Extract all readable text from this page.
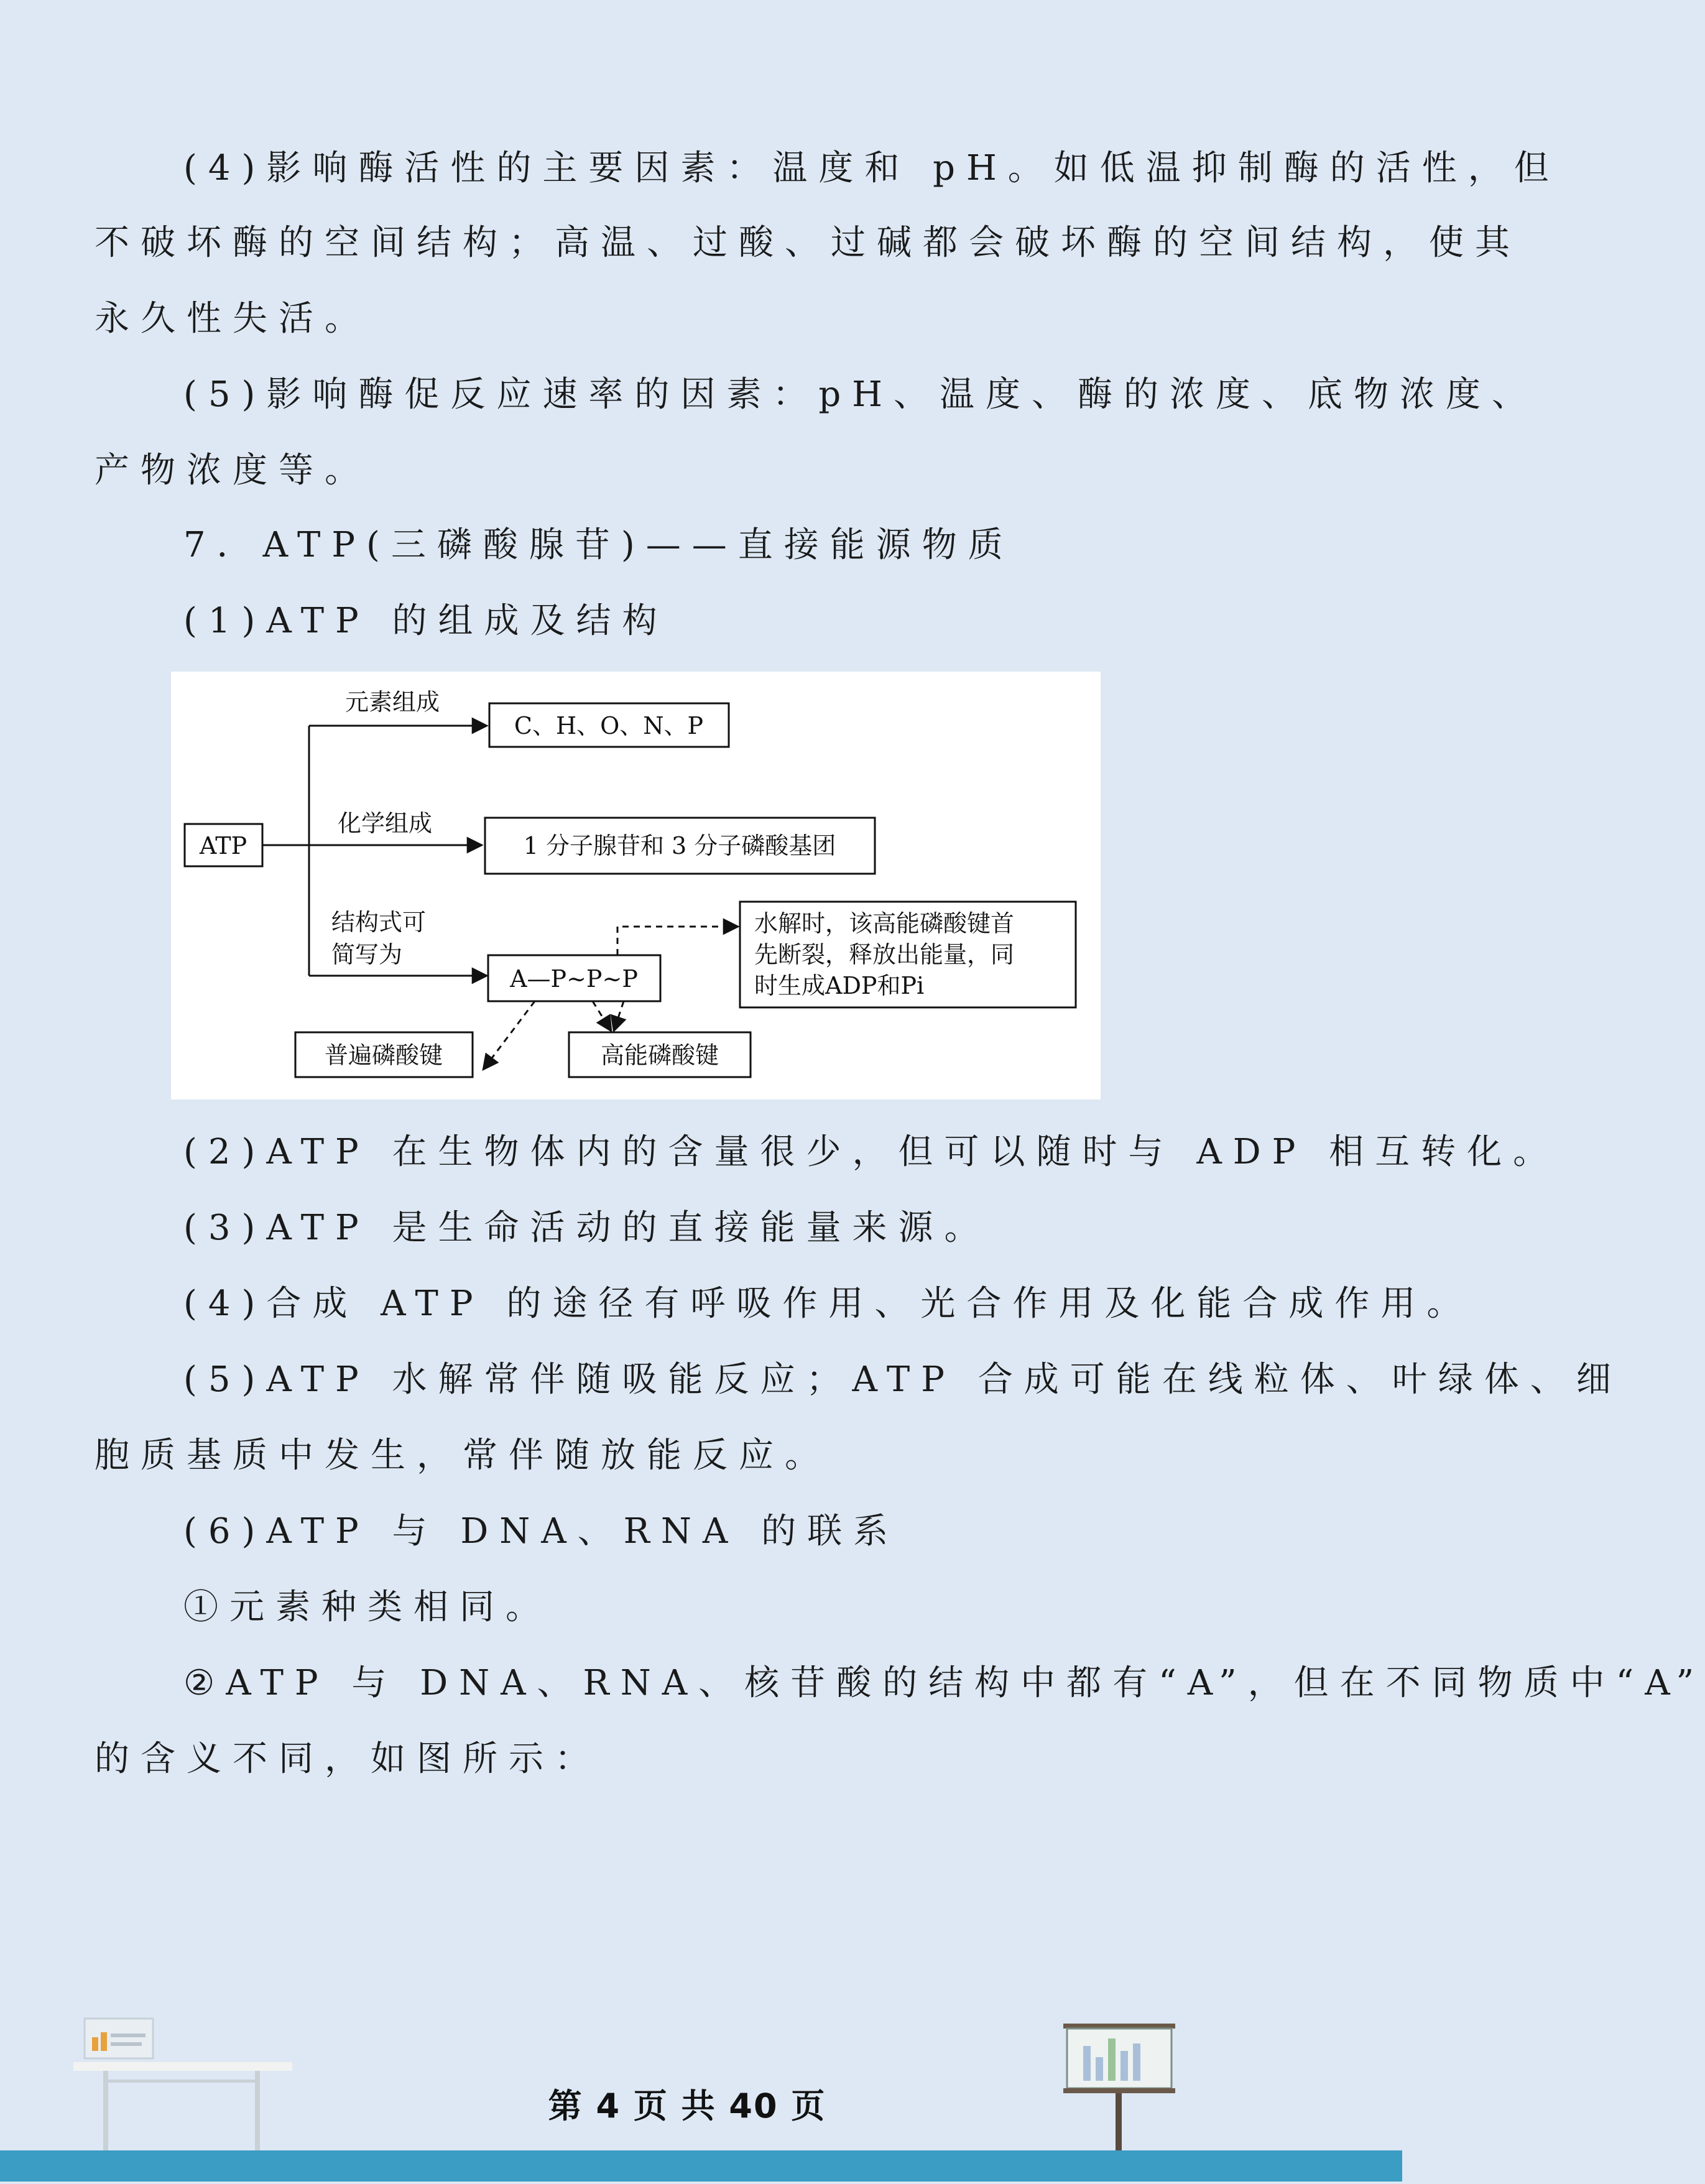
(4)影响酶活性的主要因素：温度和 pH。如低温抑制酶的活性，但
不破坏酶的空间结构；高温、过酸、过碱都会破坏酶的空间结构，使其
永久性失活。
(5)影响酶促反应速率的因素：pH、温度、酶的浓度、底物浓度、
产物浓度等。
7．ATP(三磷酸腺苷)——直接能源物质
(1)ATP 的组成及结构
ATP
元素组成
C、H、O、N、P
化学组成
1 分子腺苷和 3 分子磷酸基团
结构式可
简写为
A—P~P~P
水解时，该高能磷酸键首
先断裂，释放出能量，同
时生成ADP和Pi
普遍磷酸键	高能磷酸键
(2)ATP 在生物体内的含量很少，但可以随时与 ADP 相互转化。
(3)ATP 是生命活动的直接能量来源。
(4)合成 ATP 的途径有呼吸作用、光合作用及化能合成作用。
(5)ATP 水解常伴随吸能反应；ATP 合成可能在线粒体、叶绿体、细
胞质基质中发生，常伴随放能反应。
(6)ATP 与 DNA、RNA 的联系
①元素种类相同。
②ATP 与 DNA、RNA、核苷酸的结构中都有“A”，但在不同物质中“A”
的含义不同，如图所示：
第 4 页 共 40 页
